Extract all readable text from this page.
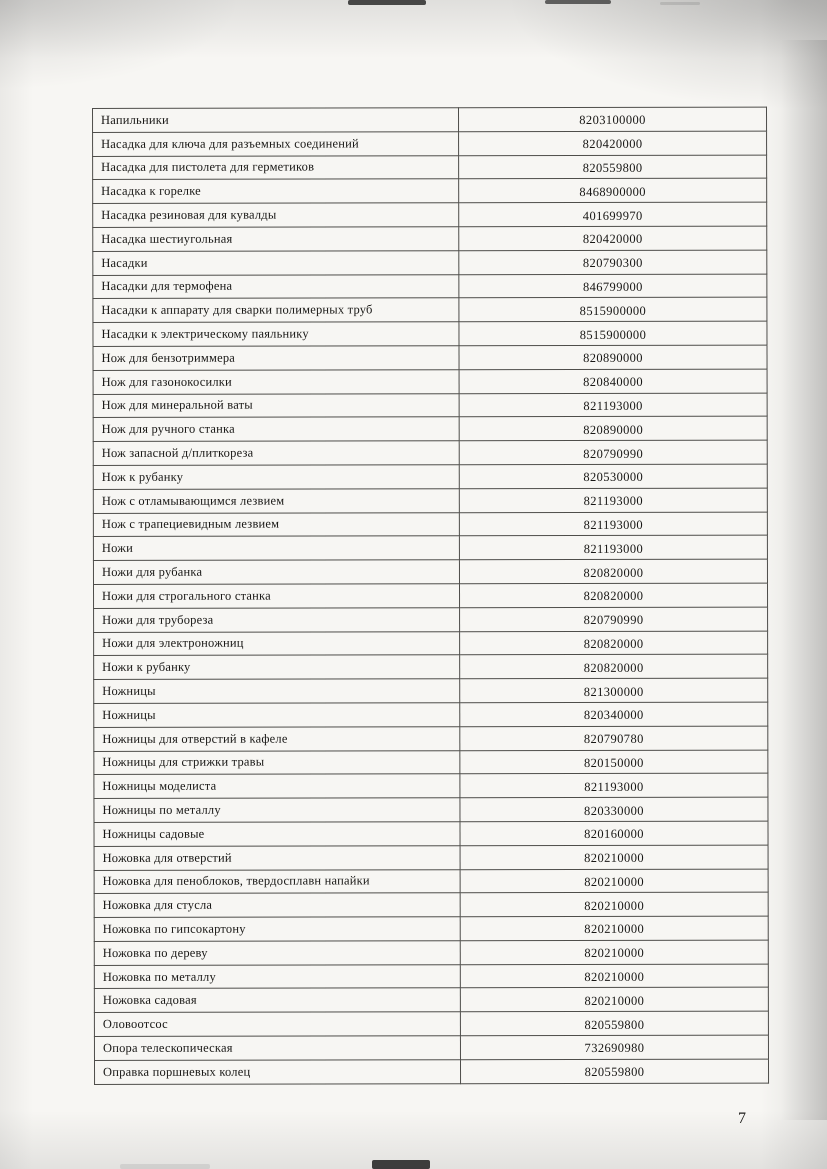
Напильники	8203100000
Насадка для ключа для разъемных соединений	820420000
Насадка для пистолета для герметиков	820559800
Насадка к горелке	8468900000
Насадка резиновая для кувалды	401699970
Насадка шестиугольная	820420000
Насадки	820790300
Насадки для термофена	846799000
Насадки к аппарату для сварки полимерных труб	8515900000
Насадки к электрическому паяльнику	8515900000
Нож для бензотриммера	820890000
Нож для газонокосилки	820840000
Нож для минеральной ваты	821193000
Нож для ручного станка	820890000
Нож запасной д/плиткореза	820790990
Нож к рубанку	820530000
Нож с отламывающимся лезвием	821193000
Нож с трапециевидным лезвием	821193000
Ножи	821193000
Ножи для рубанка	820820000
Ножи для строгального станка	820820000
Ножи для трубореза	820790990
Ножи для электроножниц	820820000
Ножи к рубанку	820820000
Ножницы	821300000
Ножницы	820340000
Ножницы для отверстий в кафеле	820790780
Ножницы для стрижки травы	820150000
Ножницы моделиста	821193000
Ножницы по металлу	820330000
Ножницы садовые	820160000
Ножовка для отверстий	820210000
Ножовка для пеноблоков, твердосплавн напайки	820210000
Ножовка для стусла	820210000
Ножовка по гипсокартону	820210000
Ножовка по дереву	820210000
Ножовка по металлу	820210000
Ножовка садовая	820210000
Оловоотсос	820559800
Опора телескопическая	732690980
Оправка поршневых колец	820559800
7
